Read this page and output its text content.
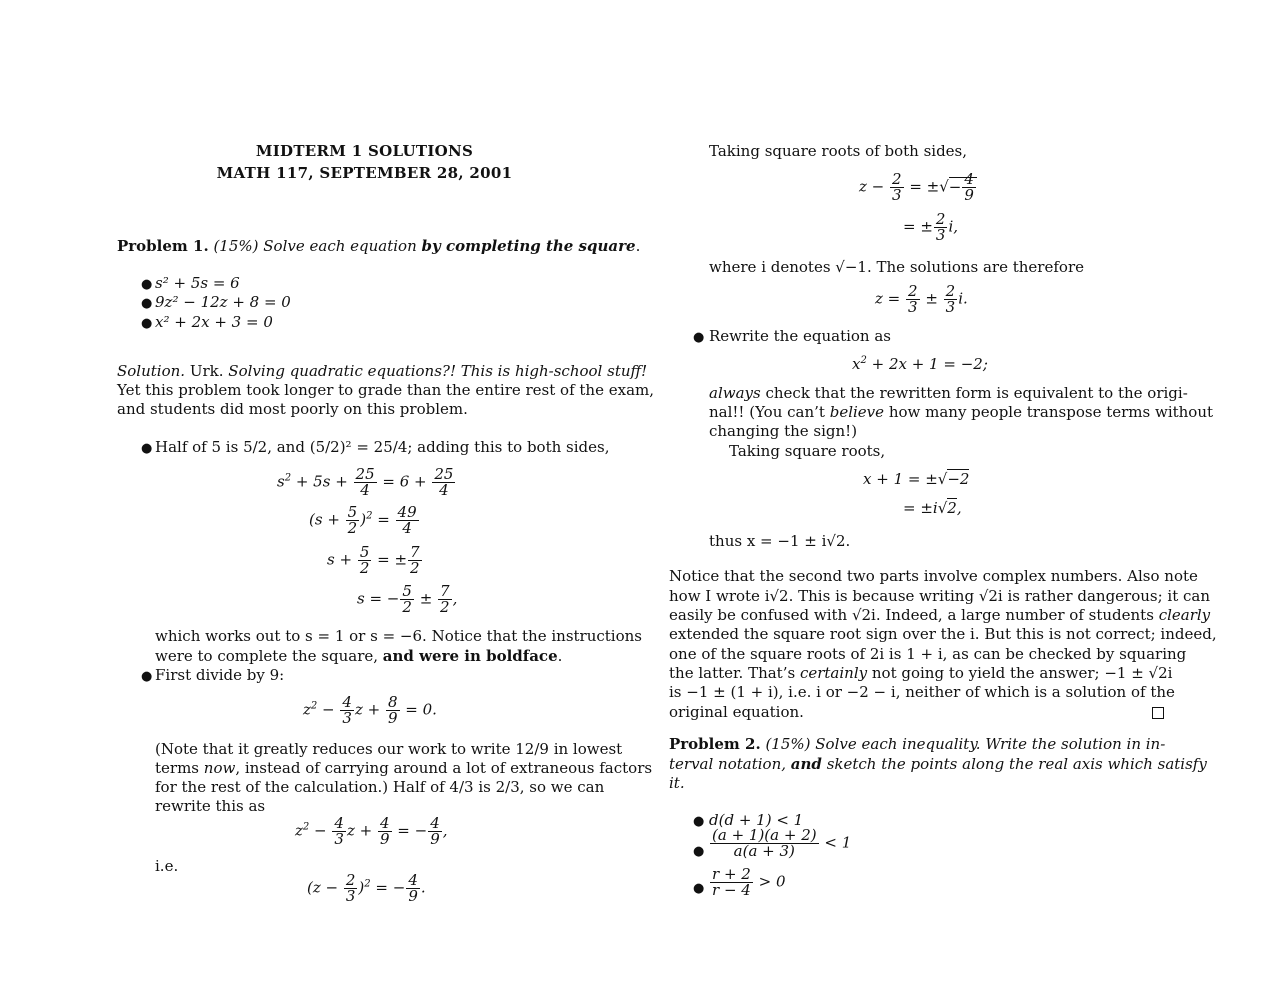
MIDTERM 1 SOLUTIONS
MATH 117, SEPTEMBER 28, 2001
Problem 1. (15%) Solve each equation by completing the square.
● s² + 5s = 6
● 9z² − 12z + 8 = 0
● x² + 2x + 3 = 0
Solution. Urk. Solving quadratic equations?! This is high-school stuff!
Yet this problem took longer to grade than the entire rest of the exam,
and students did most poorly on this problem.
● Half of 5 is 5/2, and (5/2)² = 25/4; adding this to both sides,
$s^2 + 5s + \frac{25}{4} = 6 + \frac{25}{4}$
$(s + \frac{5}{2} )^2 = \frac{49}{4}$
$s + \frac{5}{2}$ = ± $\frac{7}{2}$
s = − $\frac{5}{2} \pm \frac{7}{2}$ ,
which works out to s = 1 or s = −6. Notice that the instructions
were to complete the square, and were in boldface.
● First divide by 9:
$z^2 - \frac{4}{3}$ $z + \frac{8}{9} = 0$.
(Note that it greatly reduces our work to write 12/9 in lowest
terms now, instead of carrying around a lot of extraneous factors
for the rest of the calculation.) Half of 4/3 is 2/3, so we can
rewrite this as
$z^2 - \frac{4}{3}$ $z + \frac{4}{9}$ = − $\frac{4}{9}$ ,
i.e.
$(z - \frac{2}{3} )^2$ = − $\frac{4}{9}$ .
Taking square roots of both sides,
$z - \frac{2}{3}$ = ±√− $\frac{4}{9}$
= ± $\frac{2}{3} i$,
where i denotes √−1. The solutions are therefore
$z = \frac{2}{3} \pm \frac{2}{3} i$.
● Rewrite the equation as
$x^2 + 2x + 1 = -2$;
always check that the rewritten form is equivalent to the origi-
nal!! (You can’t believe how many people transpose terms without
changing the sign!)
Taking square roots,
x + 1 = ±√−2
= ±i√2,
thus x = −1 ± i√2.
Notice that the second two parts involve complex numbers. Also note
how I wrote i√2. This is because writing √2i is rather dangerous; it can
easily be confused with √2i. Indeed, a large number of students clearly
extended the square root sign over the i. But this is not correct; indeed,
one of the square roots of 2i is 1 + i, as can be checked by squaring
the latter. That’s certainly not going to yield the answer; −1 ± √2i
is −1 ± (1 + i), i.e. i or −2 − i, neither of which is a solution of the
original equation.
Problem 2. (15%) Solve each inequality. Write the solution in in-
terval notation, and sketch the points along the real axis which satisfy
it.
● d(d + 1) < 1
● $\frac{(a + 1)(a + 2)}{a(a + 3)} < 1$
● $\frac{r + 2}{r - 4} > 0$
